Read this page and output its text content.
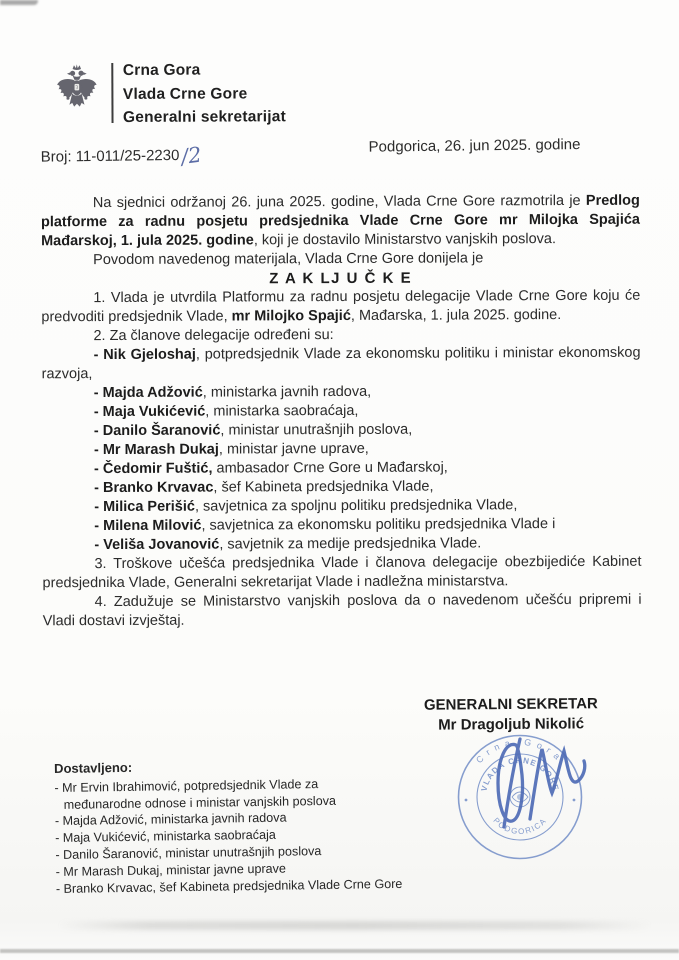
Crna Gora
Vlada Crne Gore
Generalni sekretarijat
Broj: 11-011/25-2230/2	Podgorica, 26. jun 2025. godine

Na sjednici održanoj 26. juna 2025. godine, Vlada Crne Gore razmotrila je Predlog platforme za radnu posjetu predsjednika Vlade Crne Gore mr Milojka Spajića Mađarskoj, 1. jula 2025. godine, koji je dostavilo Ministarstvo vanjskih poslova.

Povodom navedenog materijala, Vlada Crne Gore donijela je

Z A K LJ U Č K E

1. Vlada je utvrdila Platformu za radnu posjetu delegacije Vlade Crne Gore koju će predvoditi predsjednik Vlade, mr Milojko Spajić, Mađarska, 1. jula 2025. godine.

2. Za članove delegacije određeni su:

- Nik Gjeloshaj, potpredsjednik Vlade za ekonomsku politiku i ministar ekonomskog razvoja,

- Majda Adžović, ministarka javnih radova,

- Maja Vukićević, ministarka saobraćaja,

- Danilo Šaranović, ministar unutrašnjih poslova,

- Mr Marash Dukaj, ministar javne uprave,

- Čedomir Fuštić, ambasador Crne Gore u Mađarskoj,

- Branko Krvavac, šef Kabineta predsjednika Vlade,

- Milica Perišić, savjetnica za spoljnu politiku predsjednika Vlade,

- Milena Milović, savjetnica za ekonomsku politiku predsjednika Vlade i

- Veliša Jovanović, savjetnik za medije predsjednika Vlade.

3. Troškove učešća predsjednika Vlade i članova delegacije obezbijediće Kabinet predsjednika Vlade, Generalni sekretarijat Vlade i nadležna ministarstva.

4. Zadužuje se Ministarstvo vanjskih poslova da o navedenom učešću pripremi i Vladi dostavi izvještaj.

GENERALNI SEKRETAR
Mr Dragoljub Nikolić
Crna Gora
VLADA CRNE GORE
PODGORICA
Dostavljeno:
- Mr Ervin Ibrahimović, potpredsjednik Vlade za
međunarodne odnose i ministar vanjskih poslova
- Majda Adžović, ministarka javnih radova
- Maja Vukićević, ministarka saobraćaja
- Danilo Šaranović, ministar unutrašnjih poslova
- Mr Marash Dukaj, ministar javne uprave
- Branko Krvavac, šef Kabineta predsjednika Vlade Crne Gore
